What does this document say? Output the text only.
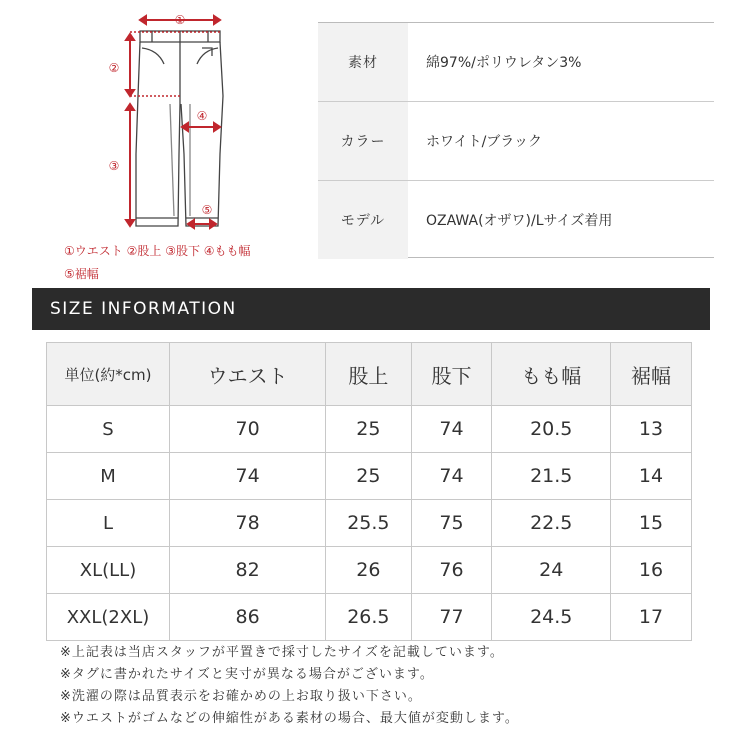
①
②
③
④
⑤
①ウエスト ②股上 ③股下 ④もも幅
⑤裾幅
素材	綿97%/ポリウレタン3%
カラー	ホワイト/ブラック
モデル	OZAWA(オザワ)/Lサイズ着用
SIZE INFORMATION
単位(約*cm)	ウエスト	股上	股下	もも幅	裾幅
S	70	25	74	20.5	13
M	74	25	74	21.5	14
L	78	25.5	75	22.5	15
XL(LL)	82	26	76	24	16
XXL(2XL)	86	26.5	77	24.5	17
※上記表は当店スタッフが平置きで採寸したサイズを記載しています。
※タグに書かれたサイズと実寸が異なる場合がございます。
※洗濯の際は品質表示をお確かめの上お取り扱い下さい。
※ウエストがゴムなどの伸縮性がある素材の場合、最大値が変動します。
